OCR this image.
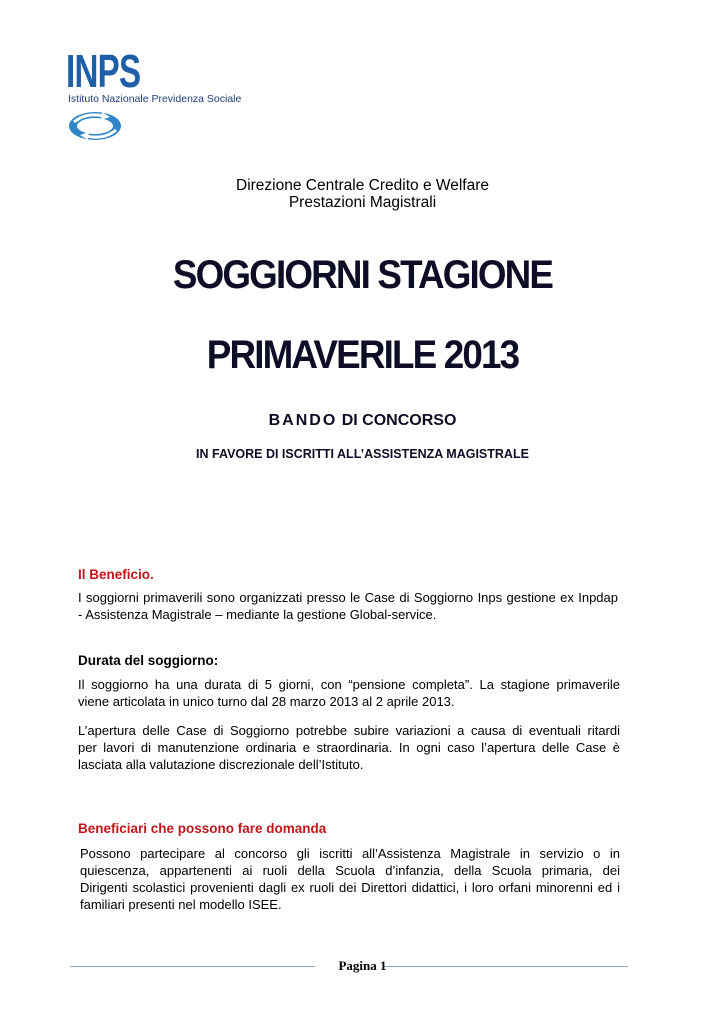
INPS
Istituto Nazionale Previdenza Sociale
Direzione Centrale Credito e Welfare
Prestazioni Magistrali
SOGGIORNI STAGIONE
PRIMAVERILE 2013
BANDO DI CONCORSO
IN FAVORE DI ISCRITTI ALL’ASSISTENZA MAGISTRALE
Il Beneficio.
I soggiorni primaverili sono organizzati presso le Case di Soggiorno Inps gestione ex Inpdap
- Assistenza Magistrale – mediante la gestione Global-service.
Durata del soggiorno:
Il soggiorno ha una durata di 5 giorni, con “pensione completa”. La stagione primaverile
viene articolata in unico turno dal 28 marzo 2013 al 2 aprile 2013.
L’apertura delle Case di Soggiorno potrebbe subire variazioni a causa di eventuali ritardi
per lavori di manutenzione ordinaria e straordinaria. In ogni caso l’apertura delle Case è
lasciata alla valutazione discrezionale dell’Istituto.
Beneficiari che possono fare domanda
Possono partecipare al concorso gli iscritti all’Assistenza Magistrale in servizio o in
quiescenza, appartenenti ai ruoli della Scuola d’infanzia, della Scuola primaria, dei
Dirigenti scolastici provenienti dagli ex ruoli dei Direttori didattici, i loro orfani minorenni ed i
familiari presenti nel modello ISEE.
Pagina 1
